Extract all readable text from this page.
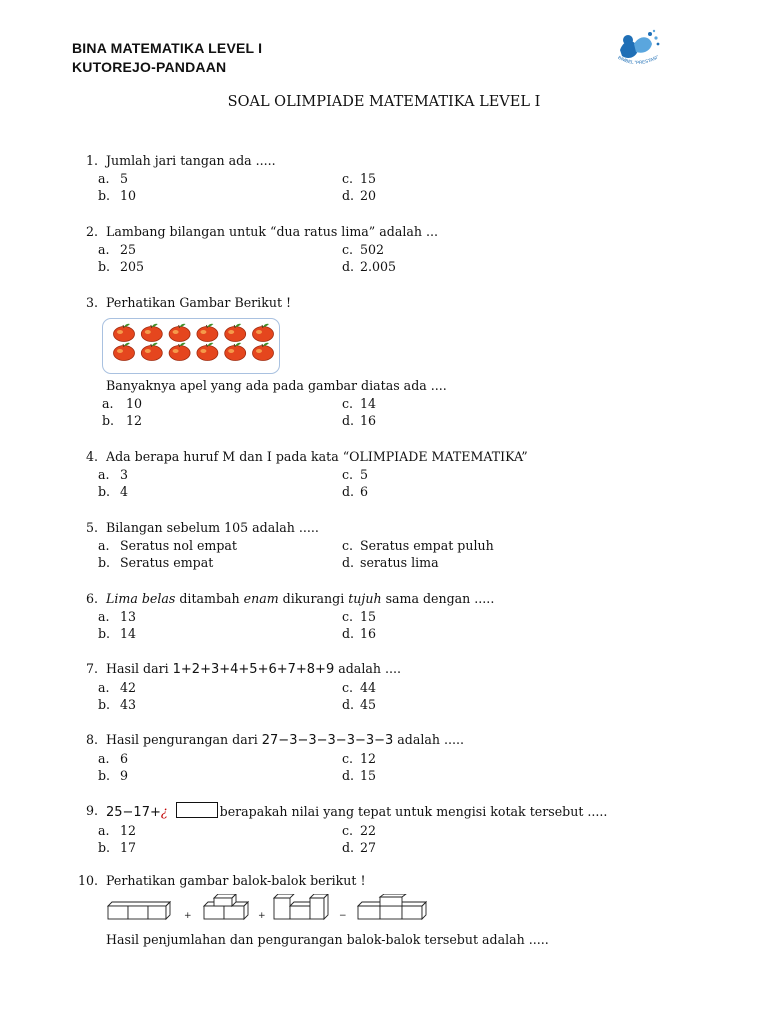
BINA MATEMATIKA LEVEL I
KUTOREJO-PANDAAN
BIMBEL "PRESTASI"
SOAL OLIMPIADE MATEMATIKA LEVEL I
1. Jumlah jari tangan ada .....
a. 5	c. 15
b. 10	d. 20
2. Lambang bilangan untuk “dua ratus lima” adalah ...
a. 25	c. 502
b. 205	d. 2.005
3. Perhatikan Gambar Berikut !
Banyaknya apel yang ada pada gambar diatas ada ....
a. 10	c. 14
b. 12	d. 16
4. Ada berapa huruf M dan I pada kata “OLIMPIADE MATEMATIKA”
a. 3	c. 5
b. 4	d. 6
5. Bilangan sebelum 105 adalah .....
a. Seratus nol empat	c. Seratus empat puluh
b. Seratus empat	d. seratus lima
6. Lima belas ditambah enam dikurangi tujuh sama dengan .....
a. 13	c. 15
b. 14	d. 16
7. Hasil dari 1+2+3+4+5+6+7+8+9 adalah ....
a. 42	c. 44
b. 43	d. 45
8. Hasil pengurangan dari 27−3−3−3−3−3−3 adalah .....
a. 6	c. 12
b. 9	d. 15
9. 25−17+¿	berapakah nilai yang tepat untuk mengisi kotak tersebut .....
a. 12	c. 22
b. 17	d. 27
10. Perhatikan gambar balok-balok berikut !
+	+	−
Hasil penjumlahan dan pengurangan balok-balok tersebut adalah .....
